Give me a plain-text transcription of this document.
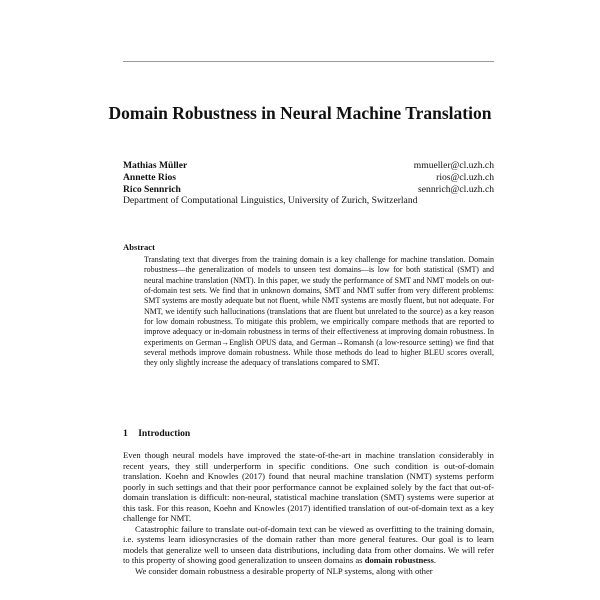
Domain Robustness in Neural Machine Translation
Mathias Müller	mmueller@cl.uzh.ch
Annette Rios	rios@cl.uzh.ch
Rico Sennrich	sennrich@cl.uzh.ch
Department of Computational Linguistics, University of Zurich, Switzerland
Abstract
Translating text that diverges from the training domain is a key challenge for machine translation. Domain robustness—the generalization of models to unseen test domains—is low for both statistical (SMT) and neural machine translation (NMT). In this paper, we study the performance of SMT and NMT models on out-of-domain test sets. We find that in unknown domains, SMT and NMT suffer from very different problems: SMT systems are mostly adequate but not fluent, while NMT systems are mostly fluent, but not adequate. For NMT, we identify such hallucinations (translations that are fluent but unrelated to the source) as a key reason for low domain robustness. To mitigate this problem, we empirically compare methods that are reported to improve adequacy or in-domain robustness in terms of their effectiveness at improving domain robustness. In experiments on German→English OPUS data, and German→Romansh (a low-resource setting) we find that several methods improve domain robustness. While those methods do lead to higher BLEU scores overall, they only slightly increase the adequacy of translations compared to SMT.
1 Introduction

Even though neural models have improved the state-of-the-art in machine translation considerably in recent years, they still underperform in specific conditions. One such condition is out-of-domain translation. Koehn and Knowles (2017) found that neural machine translation (NMT) systems perform poorly in such settings and that their poor performance cannot be explained solely by the fact that out-of-domain translation is difficult: non-neural, statistical machine translation (SMT) systems were superior at this task. For this reason, Koehn and Knowles (2017) identified translation of out-of-domain text as a key challenge for NMT.

Catastrophic failure to translate out-of-domain text can be viewed as overfitting to the training domain, i.e. systems learn idiosyncrasies of the domain rather than more general features. Our goal is to learn models that generalize well to unseen data distributions, including data from other domains. We will refer to this property of showing good generalization to unseen domains as domain robustness.

We consider domain robustness a desirable property of NLP systems, along with other
